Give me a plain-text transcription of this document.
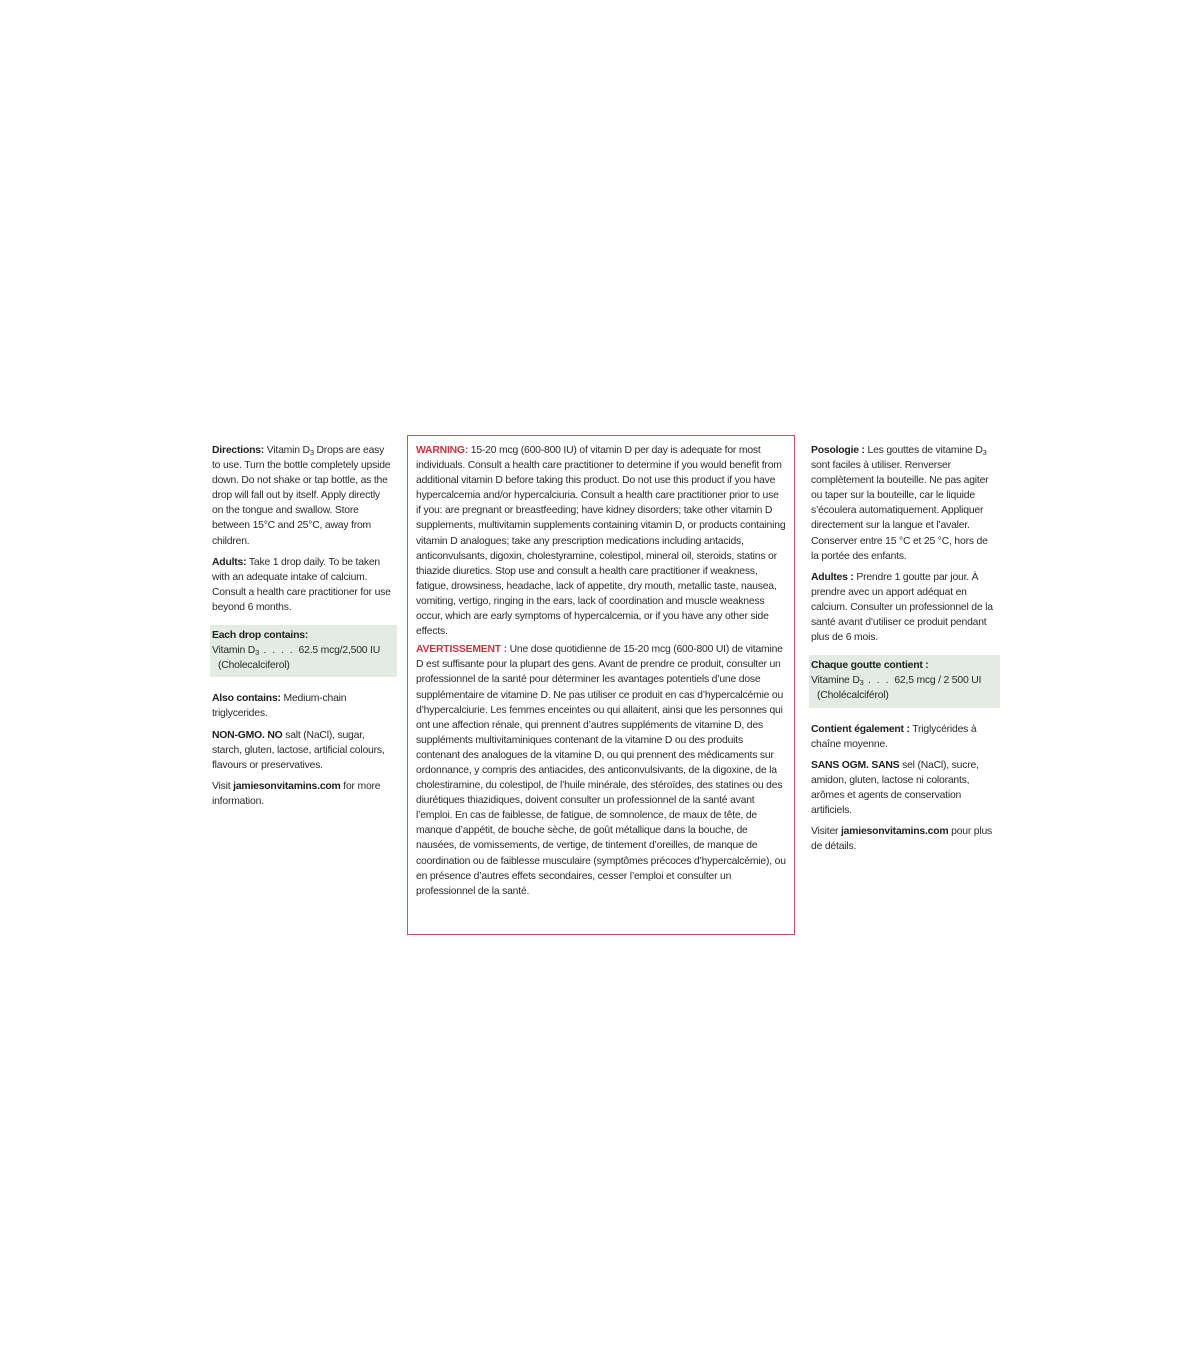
Directions: Vitamin $D_3$ Drops are easy to use. Turn the bottle completely upside down. Do not shake or tap bottle, as the drop will fall out by itself. Apply directly on the tongue and swallow. Store between 15°C and 25°C, away from children.

Adults: Take 1 drop daily. To be taken with an adequate intake of calcium. Consult a health care practitioner for use beyond 6 months.

Each drop contains:
Vitamin $D_3$ . . . . 62.5 mcg/2,500 IU
(Cholecalciferol)

Also contains: Medium-chain triglycerides.

NON-GMO. NO salt (NaCl), sugar, starch, gluten, lactose, artificial colours, flavours or preservatives.

Visit jamiesonvitamins.com for more information.

WARNING: 15-20 mcg (600-800 IU) of vitamin D per day is adequate for most individuals. Consult a health care practitioner to determine if you would benefit from additional vitamin D before taking this product. Do not use this product if you have hypercalcemia and/or hypercalciuria. Consult a health care practitioner prior to use if you: are pregnant or breastfeeding; have kidney disorders; take other vitamin D supplements, multivitamin supplements containing vitamin D, or products containing vitamin D analogues; take any prescription medications including antacids, anticonvulsants, digoxin, cholestyramine, colestipol, mineral oil, steroids, statins or thiazide diuretics. Stop use and consult a health care practitioner if weakness, fatigue, drowsiness, headache, lack of appetite, dry mouth, metallic taste, nausea, vomiting, vertigo, ringing in the ears, lack of coordination and muscle weakness occur, which are early symptoms of hypercalcemia, or if you have any other side effects.

AVERTISSEMENT : Une dose quotidienne de 15-20 mcg (600-800 UI) de vitamine D est suffisante pour la plupart des gens. Avant de prendre ce produit, consulter un professionnel de la santé pour déterminer les avantages potentiels d’une dose supplémentaire de vitamine D. Ne pas utiliser ce produit en cas d’hypercalcémie ou d’hypercalciurie. Les femmes enceintes ou qui allaitent, ainsi que les personnes qui ont une affection rénale, qui prennent d’autres suppléments de vitamine D, des suppléments multivitaminiques contenant de la vitamine D ou des produits contenant des analogues de la vitamine D, ou qui prennent des médicaments sur ordonnance, y compris des antiacides, des anticonvulsivants, de la digoxine, de la cholestiramine, du colestipol, de l’huile minérale, des stéroïdes, des statines ou des diurétiques thiazidiques, doivent consulter un professionnel de la santé avant l’emploi. En cas de faiblesse, de fatigue, de somnolence, de maux de tête, de manque d’appétit, de bouche sèche, de goût métallique dans la bouche, de nausées, de vomissements, de vertige, de tintement d’oreilles, de manque de coordination ou de faiblesse musculaire (symptômes précoces d’hypercalcémie), ou en présence d’autres effets secondaires, cesser l’emploi et consulter un professionnel de la santé.

Posologie : Les gouttes de vitamine $D_3$ sont faciles à utiliser. Renverser complètement la bouteille. Ne pas agiter ou taper sur la bouteille, car le liquide s’écoulera automatiquement. Appliquer directement sur la langue et l’avaler. Conserver entre 15 °C et 25 °C, hors de la portée des enfants.

Adultes : Prendre 1 goutte par jour. À prendre avec un apport adéquat en calcium. Consulter un professionnel de la santé avant d’utiliser ce produit pendant plus de 6 mois.

Chaque goutte contient :
Vitamine $D_3$ . . . 62,5 mcg / 2 500 UI
(Cholécalciférol)

Contient également : Triglycérides à chaîne moyenne.

SANS OGM. SANS sel (NaCl), sucre, amidon, gluten, lactose ni colorants, arômes et agents de conservation artificiels.

Visiter jamiesonvitamins.com pour plus de détails.
